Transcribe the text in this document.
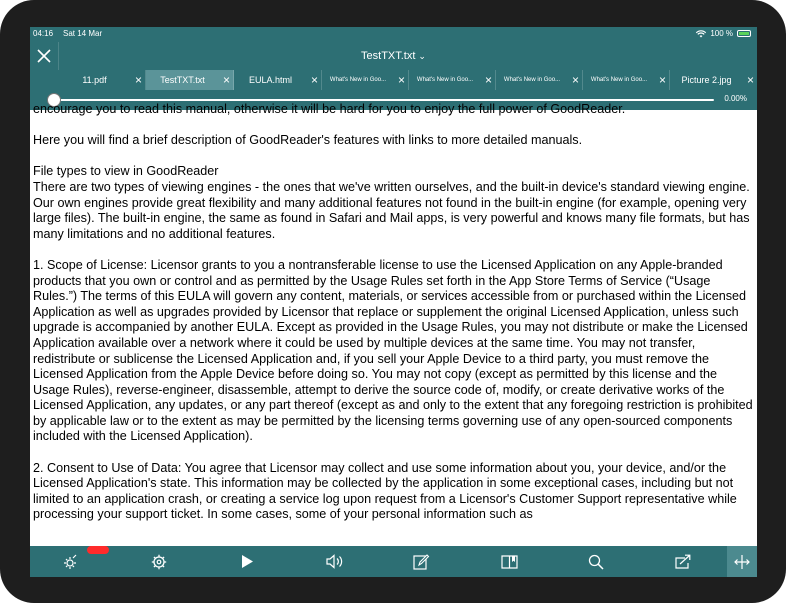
04:16 Sat 14 Mar	100 %
TestTXT.txt ⌄
11.pdf	×	TestTXT.txt	×	EULA.html	×	What's New in Goo... ×	What's New in Goo... ×	What's New in Goo... ×	What's New in Goo... ×	Picture 2.jpg	×
0.00%

encourage you to read this manual, otherwise it will be hard for you to enjoy the full power of GoodReader.

Here you will find a brief description of GoodReader's features with links to more detailed manuals.

File types to view in GoodReader
There are two types of viewing engines - the ones that we've written ourselves, and the built-in device's standard viewing engine. Our own engines provide great flexibility and many additional features not found in the built-in engine (for example, opening very large files). The built-in engine, the same as found in Safari and Mail apps, is very powerful and knows many file formats, but has many limitations and no additional features.

1. Scope of License: Licensor grants to you a nontransferable license to use the Licensed Application on any Apple-branded products that you own or control and as permitted by the Usage Rules set forth in the App Store Terms of Service (“Usage Rules.”) The terms of this EULA will govern any content, materials, or services accessible from or purchased within the Licensed Application as well as upgrades provided by Licensor that replace or supplement the original Licensed Application, unless such upgrade is accompanied by another EULA. Except as provided in the Usage Rules, you may not distribute or make the Licensed Application available over a network where it could be used by multiple devices at the same time. You may not transfer, redistribute or sublicense the Licensed Application and, if you sell your Apple Device to a third party, you must remove the Licensed Application from the Apple Device before doing so. You may not copy (except as permitted by this license and the Usage Rules), reverse-engineer, disassemble, attempt to derive the source code of, modify, or create derivative works of the Licensed Application, any updates, or any part thereof (except as and only to the extent that any foregoing restriction is prohibited by applicable law or to the extent as may be permitted by the licensing terms governing use of any open-sourced components included with the Licensed Application).

2. Consent to Use of Data: You agree that Licensor may collect and use some information about you, your device, and/or the Licensed Application's state. This information may be collected by the application in some exceptional cases, including but not limited to an application crash, or creating a service log upon request from a Licensor's Customer Support representative while processing your support ticket. In some cases, some of your personal information such as
